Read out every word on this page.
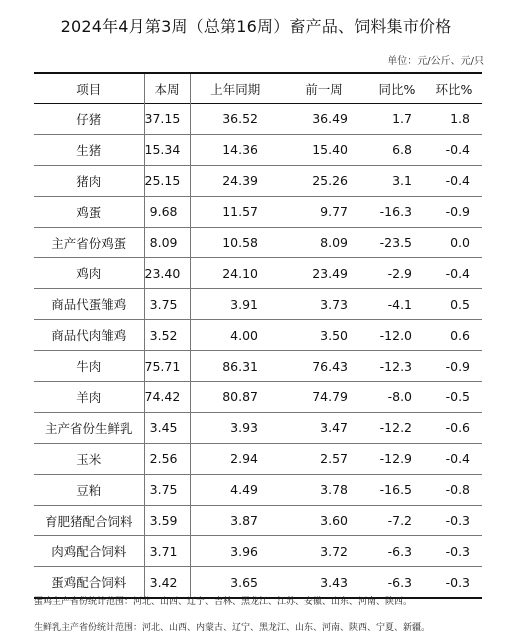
2024年4月第3周（总第16周）畜产品、饲料集市价格
单位：元/公斤、元/只
项目	本周	上年同期	前一周	同比%	环比%
仔猪	37.15	36.52	36.49	1.7	1.8
生猪	15.34	14.36	15.40	6.8	-0.4
猪肉	25.15	24.39	25.26	3.1	-0.4
鸡蛋	9.68	11.57	9.77	-16.3	-0.9
主产省份鸡蛋	8.09	10.58	8.09	-23.5	0.0
鸡肉	23.40	24.10	23.49	-2.9	-0.4
商品代蛋雏鸡	3.75	3.91	3.73	-4.1	0.5
商品代肉雏鸡	3.52	4.00	3.50	-12.0	0.6
牛肉	75.71	86.31	76.43	-12.3	-0.9
羊肉	74.42	80.87	74.79	-8.0	-0.5
主产省份生鲜乳	3.45	3.93	3.47	-12.2	-0.6
玉米	2.56	2.94	2.57	-12.9	-0.4
豆粕	3.75	4.49	3.78	-16.5	-0.8
育肥猪配合饲料	3.59	3.87	3.60	-7.2	-0.3
肉鸡配合饲料	3.71	3.96	3.72	-6.3	-0.3
蛋鸡配合饲料	3.42	3.65	3.43	-6.3	-0.3
蛋鸡主产省份统计范围：河北、山西、辽宁、吉林、黑龙江、江苏、安徽、山东、河南、陕西。
生鲜乳主产省份统计范围：河北、山西、内蒙古、辽宁、黑龙江、山东、河南、陕西、宁夏、新疆。
